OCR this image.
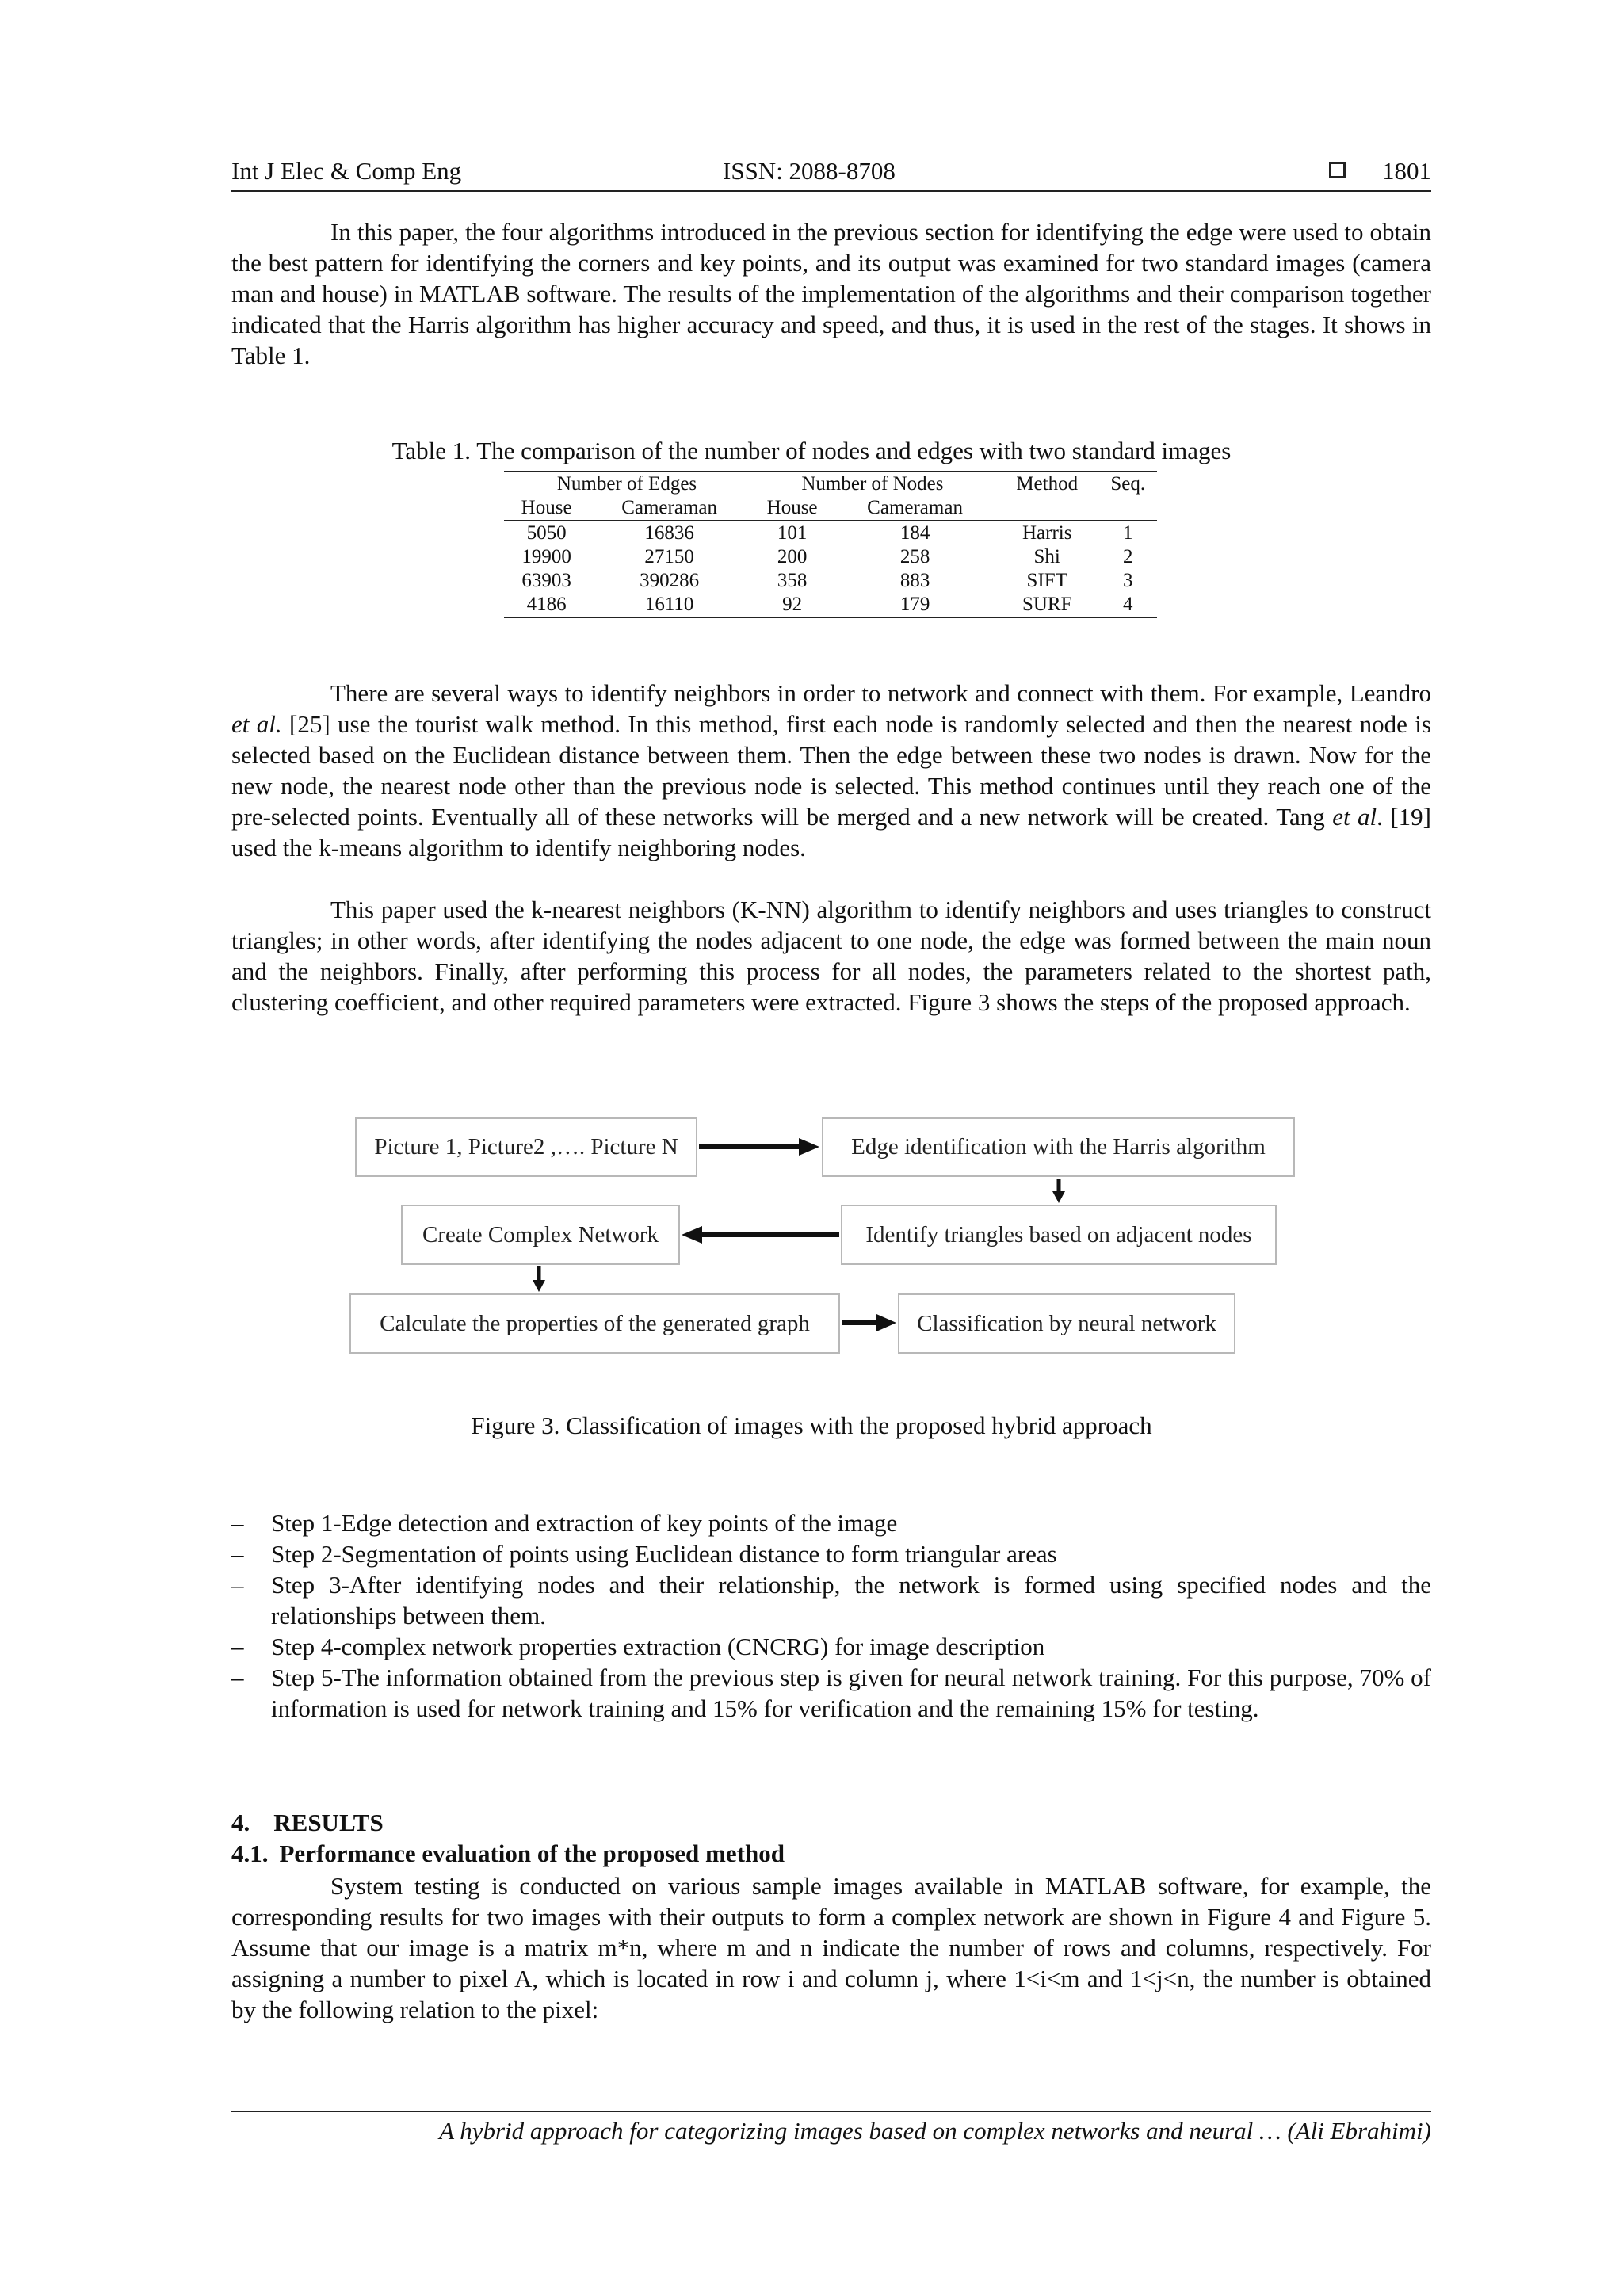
Int J Elec & Comp Eng	ISSN: 2088-8708	1801

In this paper, the four algorithms introduced in the previous section for identifying the edge were used to obtain the best pattern for identifying the corners and key points, and its output was examined for two standard images (camera man and house) in MATLAB software. The results of the implementation of the algorithms and their comparison together indicated that the Harris algorithm has higher accuracy and speed, and thus, it is used in the rest of the stages. It shows in Table 1.

Table 1. The comparison of the number of nodes and edges with two standard images
Number of Edges		Number of Nodes		Method	Seq.
House	Cameraman	House	Cameraman		
5050	16836	101	184	Harris	1
19900	27150	200	258	Shi	2
63903	390286	358	883	SIFT	3
4186	16110	92	179	SURF	4

There are several ways to identify neighbors in order to network and connect with them. For example, Leandro et al. [25] use the tourist walk method. In this method, first each node is randomly selected and then the nearest node is selected based on the Euclidean distance between them. Then the edge between these two nodes is drawn. Now for the new node, the nearest node other than the previous node is selected. This method continues until they reach one of the pre-selected points. Eventually all of these networks will be merged and a new network will be created. Tang et al. [19] used the k-means algorithm to identify neighboring nodes.

This paper used the k-nearest neighbors (K-NN) algorithm to identify neighbors and uses triangles to construct triangles; in other words, after identifying the nodes adjacent to one node, the edge was formed between the main noun and the neighbors. Finally, after performing this process for all nodes, the parameters related to the shortest path, clustering coefficient, and other required parameters were extracted. Figure 3 shows the steps of the proposed approach.

Picture 1, Picture2 ,…. Picture N	Edge identification with the Harris algorithm
Create Complex Network	Identify triangles based on adjacent nodes
Calculate the properties of the generated graph	Classification by neural network
Figure 3. Classification of images with the proposed hybrid approach
–	Step 1-Edge detection and extraction of key points of the image
–	Step 2-Segmentation of points using Euclidean distance to form triangular areas
–	Step 3-After identifying nodes and their relationship, the network is formed using specified nodes and the relationships between them.
–	Step 4-complex network properties extraction (CNCRG) for image description
–	Step 5-The information obtained from the previous step is given for neural network training. For this purpose, 70% of information is used for network training and 15% for verification and the remaining 15% for testing.
4. RESULTS
4.1. Performance evaluation of the proposed method

System testing is conducted on various sample images available in MATLAB software, for example, the corresponding results for two images with their outputs to form a complex network are shown in Figure 4 and Figure 5. Assume that our image is a matrix m*n, where m and n indicate the number of rows and columns, respectively. For assigning a number to pixel A, which is located in row i and column j, where 1<i<m and 1<j<n, the number is obtained by the following relation to the pixel:

A hybrid approach for categorizing images based on complex networks and neural … (Ali Ebrahimi)
